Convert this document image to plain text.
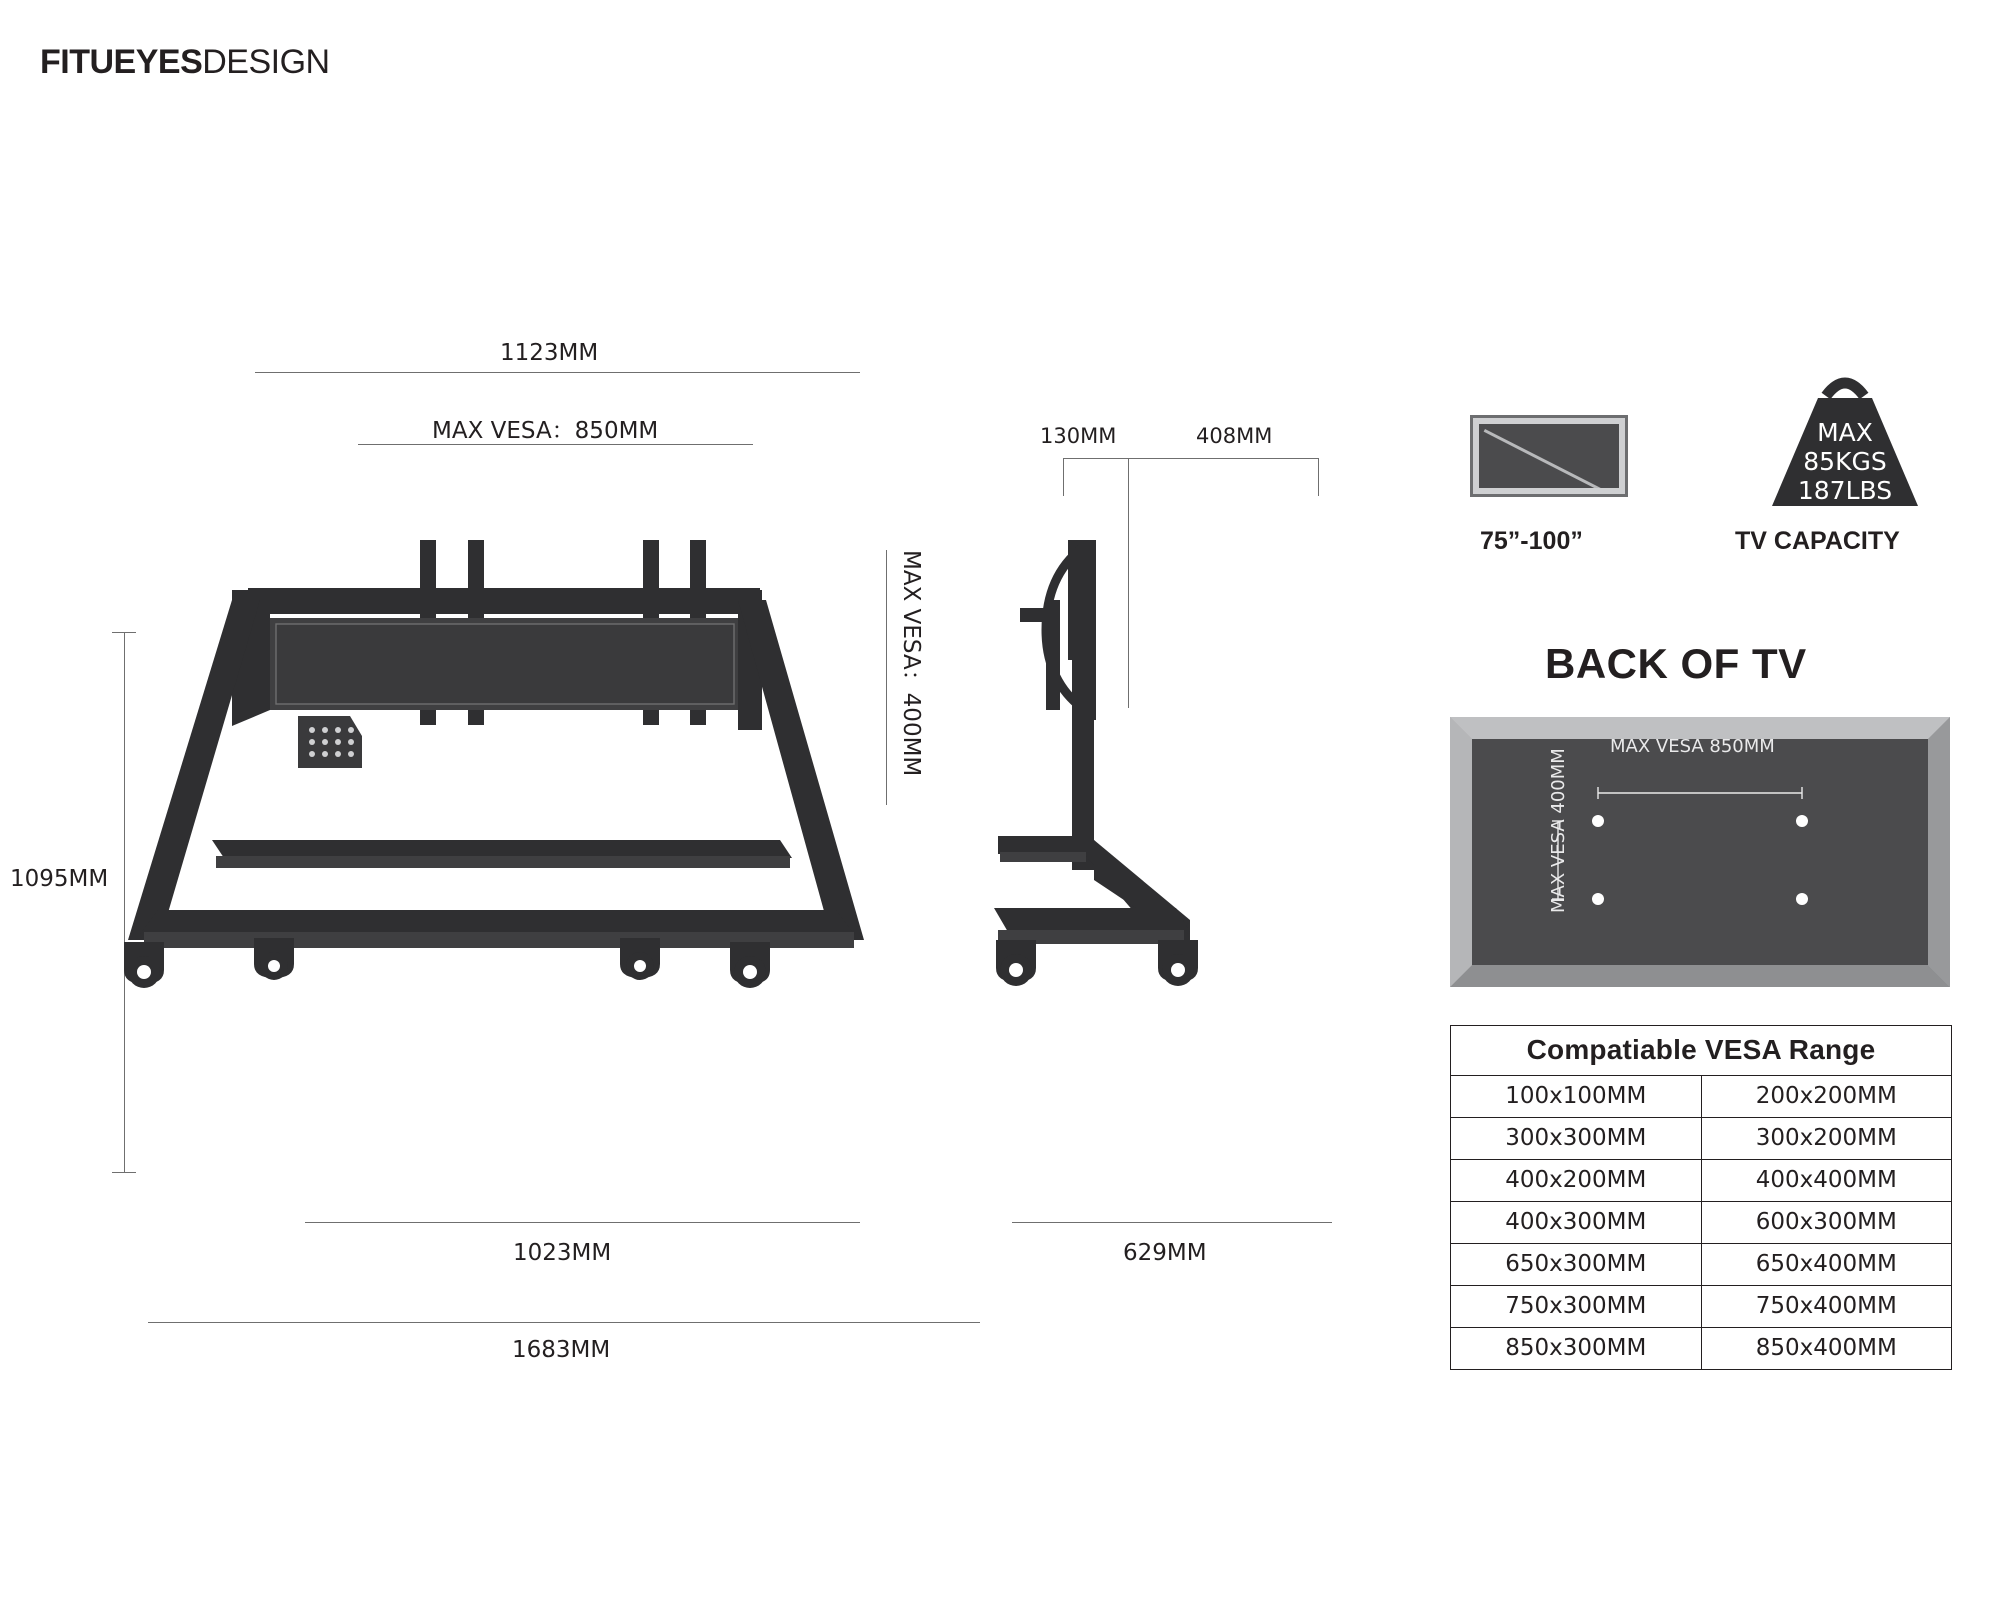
FITUEYESDESIGN
1123MM
MAX VESA：850MM
MAX VESA：400MM
1095MM
1023MM
1683MM
130MM	408MM
629MM
75”-100”
MAX
85KGS
187LBS
TV CAPACITY
BACK OF TV
MAX VESA 850MM
MAX VESA 400MM
Compatiable VESA Range	
100x100MM	200x200MM
300x300MM	300x200MM
400x200MM	400x400MM
400x300MM	600x300MM
650x300MM	650x400MM
750x300MM	750x400MM
850x300MM	850x400MM
